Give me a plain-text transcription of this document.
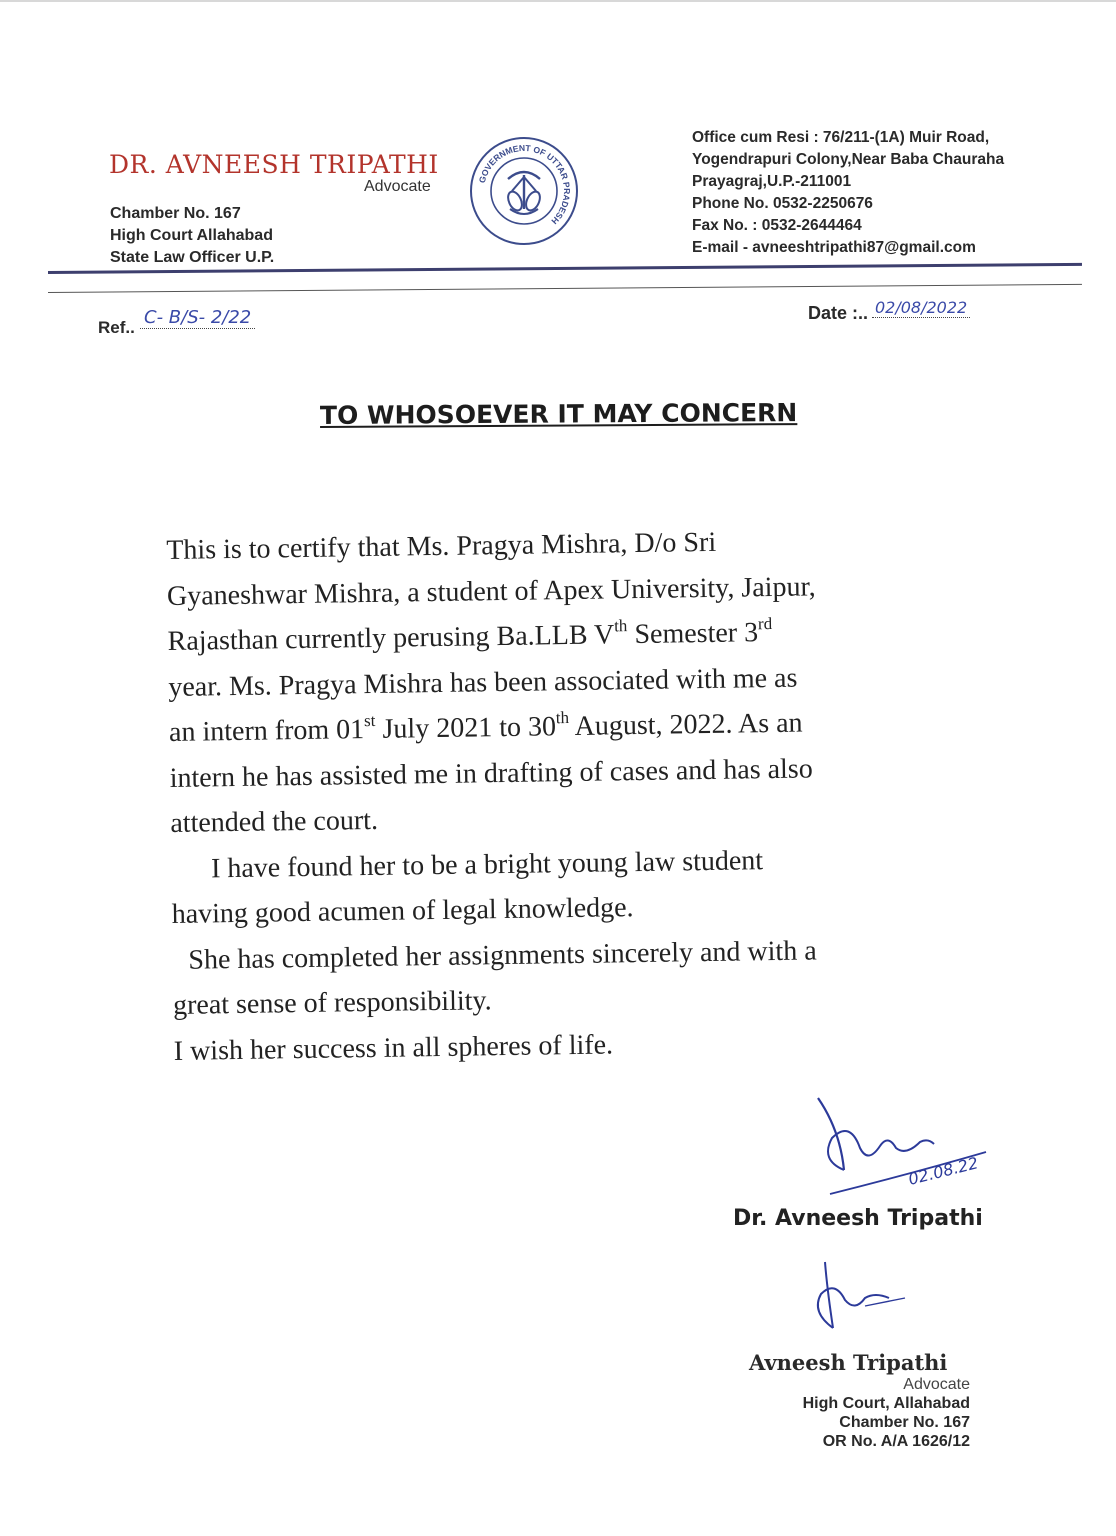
DR. AVNEESH TRIPATHI
Advocate
Chamber No. 167
High Court Allahabad
State Law Officer U.P.
GOVERNMENT OF UTTAR PRADESH
Office cum Resi : 76/211-(1A) Muir Road,
Yogendrapuri Colony,Near Baba Chauraha
Prayagraj,U.P.-211001
Phone No. 0532-2250676
Fax No. : 0532-2644464
E-mail - avneeshtripathi87@gmail.com
Ref.. C- B/S- 2/22	Date :.. 02/08/2022
TO WHOSOEVER IT MAY CONCERN

This is to certify that Ms. Pragya Mishra, D/o Sri
Gyaneshwar Mishra, a student of Apex University, Jaipur,
Rajasthan currently perusing Ba.LLB Vth Semester 3rd
year. Ms. Pragya Mishra has been associated with me as
an intern from 01st July 2021 to 30th August, 2022. As an
intern he has assisted me in drafting of cases and has also
attended the court.

I have found her to be a bright young law student
having good acumen of legal knowledge.

She has completed her assignments sincerely and with a
great sense of responsibility.

I wish her success in all spheres of life.

02.08.22
Dr. Avneesh Tripathi
Avneesh Tripathi
Advocate
High Court, Allahabad
Chamber No. 167
OR No. A/A 1626/12
